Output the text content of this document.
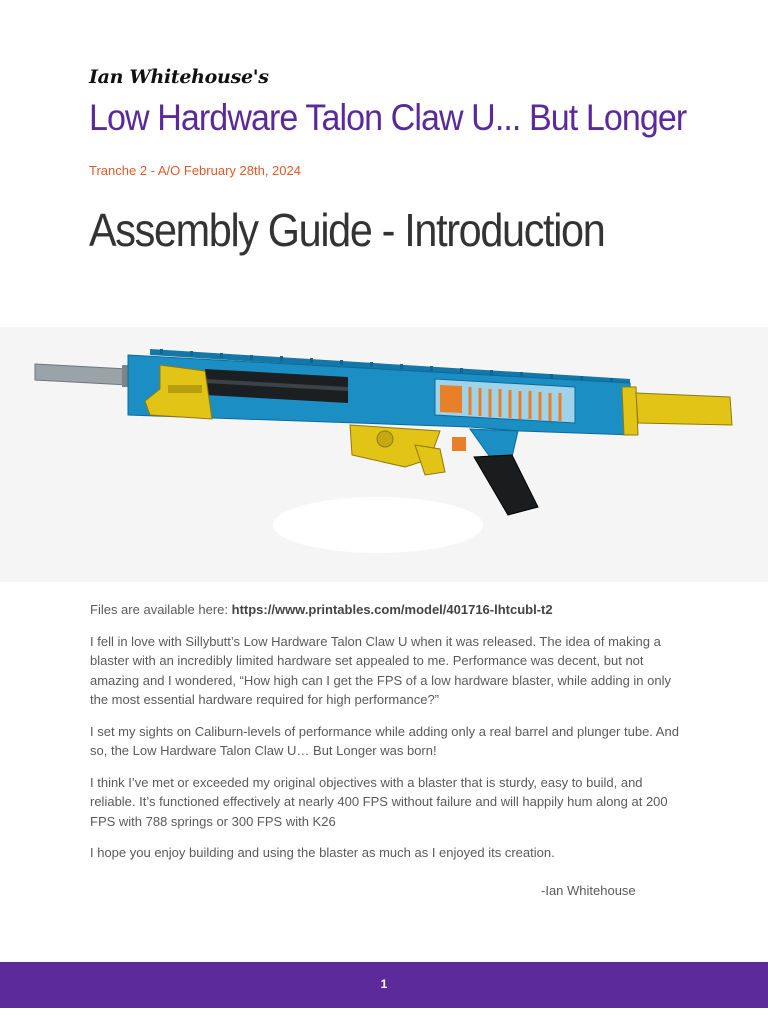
Ian Whitehouse's
Low Hardware Talon Claw U... But Longer
Tranche 2 - A/O February 28th, 2024
Assembly Guide - Introduction

Files are available here: https://www.printables.com/model/401716-lhtcubl-t2

I fell in love with Sillybutt’s Low Hardware Talon Claw U when it was released. The idea of making a blaster with an incredibly limited hardware set appealed to me. Performance was decent, but not amazing and I wondered, “How high can I get the FPS of a low hardware blaster, while adding in only the most essential hardware required for high performance?”

I set my sights on Caliburn-levels of performance while adding only a real barrel and plunger tube. And so, the Low Hardware Talon Claw U… But Longer was born!

I think I’ve met or exceeded my original objectives with a blaster that is sturdy, easy to build, and reliable. It’s functioned effectively at nearly 400 FPS without failure and will happily hum along at 200 FPS with 788 springs or 300 FPS with K26

I hope you enjoy building and using the blaster as much as I enjoyed its creation.

-Ian Whitehouse
1
